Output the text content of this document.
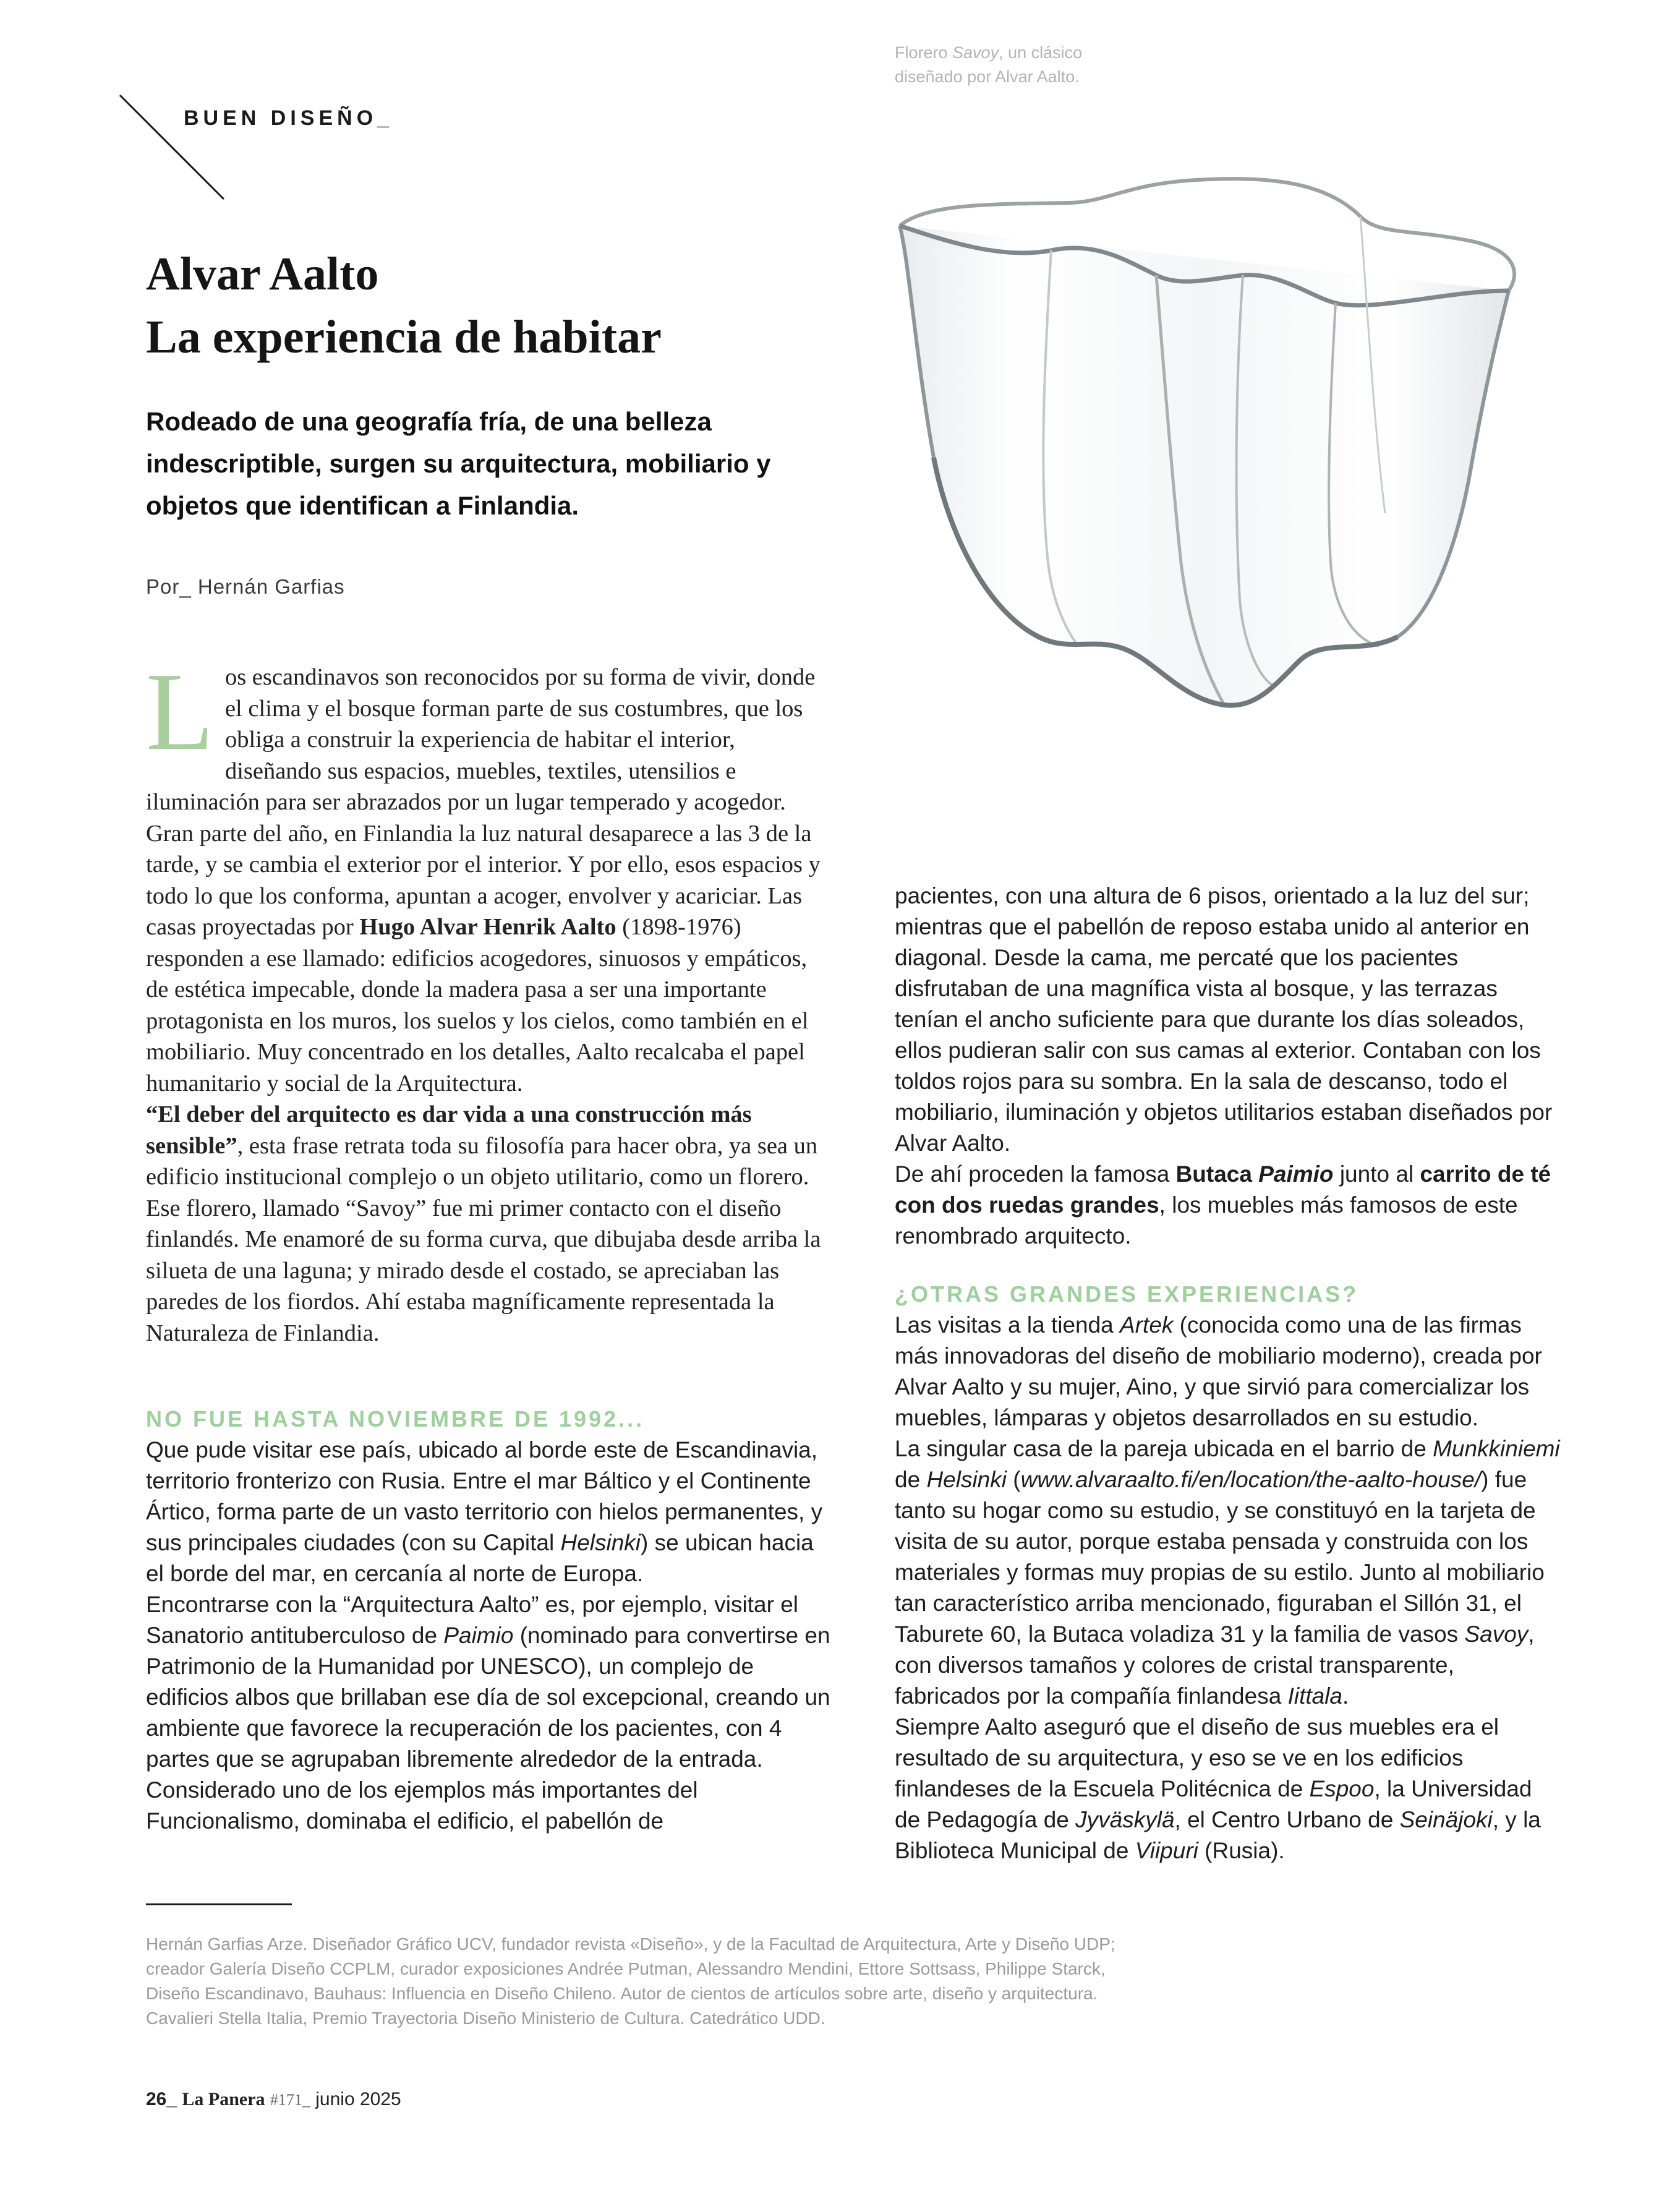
BUEN DISEÑO_
Florero Savoy, un clásico
diseñado por Alvar Aalto.
Alvar Aalto
La experiencia de habitar
Rodeado de una geografía fría, de una belleza indescriptible, surgen su arquitectura, mobiliario y objetos que identifican a Finlandia.
Por_ Hernán Garfias

Los escandinavos son reconocidos por su forma de vivir, donde el clima y el bosque forman parte de sus costumbres, que los obliga a construir la experiencia de habitar el interior, diseñando sus espacios, muebles, textiles, utensilios e iluminación para ser abrazados por un lugar temperado y acogedor. Gran parte del año, en Finlandia la luz natural desaparece a las 3 de la tarde, y se cambia el exterior por el interior. Y por ello, esos espacios y todo lo que los conforma, apuntan a acoger, envolver y acariciar. Las casas proyectadas por Hugo Alvar Henrik Aalto (1898-1976) responden a ese llamado: edificios acogedores, sinuosos y empáticos, de estética impecable, donde la madera pasa a ser una importante protagonista en los muros, los suelos y los cielos, como también en el mobiliario. Muy concentrado en los detalles, Aalto recalcaba el papel humanitario y social de la Arquitectura.

“El deber del arquitecto es dar vida a una construcción más sensible”, esta frase retrata toda su filosofía para hacer obra, ya sea un edificio institucional complejo o un objeto utilitario, como un florero. Ese florero, llamado “Savoy” fue mi primer contacto con el diseño finlandés. Me enamoré de su forma curva, que dibujaba desde arriba la silueta de una laguna; y mirado desde el costado, se apreciaban las paredes de los fiordos. Ahí estaba magníficamente representada la Naturaleza de Finlandia.

NO FUE HASTA NOVIEMBRE DE 1992...

Que pude visitar ese país, ubicado al borde este de Escandinavia, territorio fronterizo con Rusia. Entre el mar Báltico y el Continente Ártico, forma parte de un vasto territorio con hielos permanentes, y sus principales ciudades (con su Capital Helsinki) se ubican hacia el borde del mar, en cercanía al norte de Europa.

Encontrarse con la “Arquitectura Aalto” es, por ejemplo, visitar el Sanatorio antituberculoso de Paimio (nominado para convertirse en Patrimonio de la Humanidad por UNESCO), un complejo de edificios albos que brillaban ese día de sol excepcional, creando un ambiente que favorece la recuperación de los pacientes, con 4 partes que se agrupaban libremente alrededor de la entrada. Considerado uno de los ejemplos más importantes del Funcionalismo, dominaba el edificio, el pabellón de

pacientes, con una altura de 6 pisos, orientado a la luz del sur; mientras que el pabellón de reposo estaba unido al anterior en diagonal. Desde la cama, me percaté que los pacientes disfrutaban de una magnífica vista al bosque, y las terrazas tenían el ancho suficiente para que durante los días soleados, ellos pudieran salir con sus camas al exterior. Contaban con los toldos rojos para su sombra. En la sala de descanso, todo el mobiliario, iluminación y objetos utilitarios estaban diseñados por Alvar Aalto.

De ahí proceden la famosa Butaca Paimio junto al carrito de té con dos ruedas grandes, los muebles más famosos de este renombrado arquitecto.

¿OTRAS GRANDES EXPERIENCIAS?

Las visitas a la tienda Artek (conocida como una de las firmas más innovadoras del diseño de mobiliario moderno), creada por Alvar Aalto y su mujer, Aino, y que sirvió para comercializar los muebles, lámparas y objetos desarrollados en su estudio.

La singular casa de la pareja ubicada en el barrio de Munkkiniemi de Helsinki (www.alvaraalto.fi/en/location/the-aalto-house/) fue tanto su hogar como su estudio, y se constituyó en la tarjeta de visita de su autor, porque estaba pensada y construida con los materiales y formas muy propias de su estilo. Junto al mobiliario tan característico arriba mencionado, figuraban el Sillón 31, el Taburete 60, la Butaca voladiza 31 y la familia de vasos Savoy, con diversos tamaños y colores de cristal transparente, fabricados por la compañía finlandesa Iittala.

Siempre Aalto aseguró que el diseño de sus muebles era el resultado de su arquitectura, y eso se ve en los edificios finlandeses de la Escuela Politécnica de Espoo, la Universidad de Pedagogía de Jyväskylä, el Centro Urbano de Seinäjoki, y la Biblioteca Municipal de Viipuri (Rusia).

Hernán Garfias Arze. Diseñador Gráfico UCV, fundador revista «Diseño», y de la Facultad de Arquitectura, Arte y Diseño UDP; creador Galería Diseño CCPLM, curador exposiciones Andrée Putman, Alessandro Mendini, Ettore Sottsass, Philippe Starck, Diseño Escandinavo, Bauhaus: Influencia en Diseño Chileno. Autor de cientos de artículos sobre arte, diseño y arquitectura. Cavalieri Stella Italia, Premio Trayectoria Diseño Ministerio de Cultura. Catedrático UDD.
26_ La Panera #171_ junio 2025
